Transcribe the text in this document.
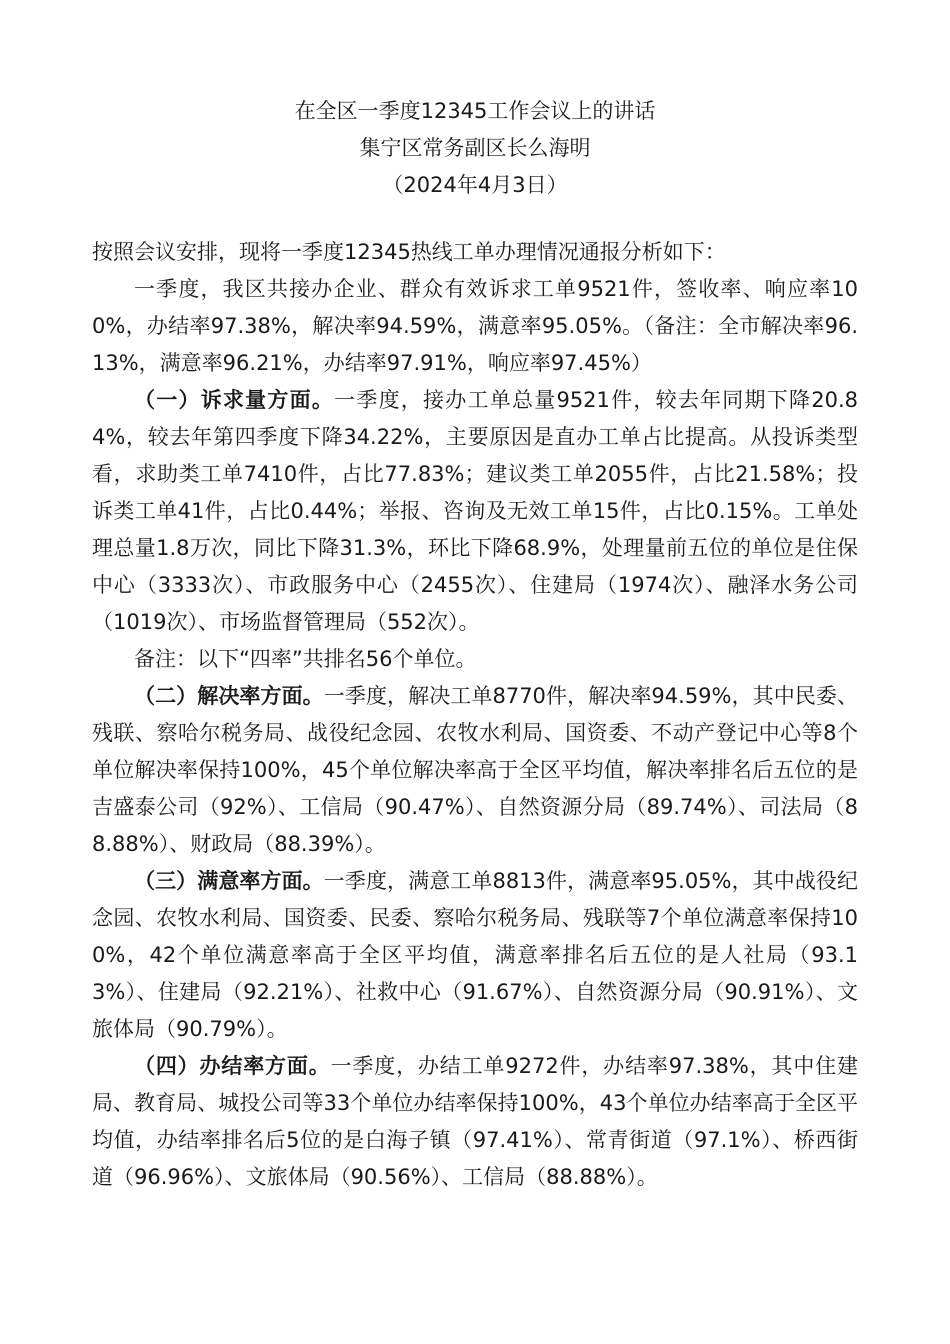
在全区一季度12345工作会议上的讲话
集宁区常务副区长么海明
（2024年4月3日）

按照会议安排，现将一季度12345热线工单办理情况通报分析如下：

一季度，我区共接办企业、群众有效诉求工单9521件，签收率、响应率100%，办结率97.38%，解决率94.59%，满意率95.05%。（备注：全市解决率96.13%，满意率96.21%，办结率97.91%，响应率97.45%）

（一）诉求量方面。一季度，接办工单总量9521件，较去年同期下降20.84%，较去年第四季度下降34.22%，主要原因是直办工单占比提高。从投诉类型看，求助类工单7410件，占比77.83%；建议类工单2055件，占比21.58%；投诉类工单41件，占比0.44%；举报、咨询及无效工单15件，占比0.15%。工单处理总量1.8万次，同比下降31.3%，环比下降68.9%，处理量前五位的单位是住保中心（3333次）、市政服务中心（2455次）、住建局（1974次）、融泽水务公司（1019次）、市场监督管理局（552次）。

备注：以下“四率”共排名56个单位。

（二）解决率方面。一季度，解决工单8770件，解决率94.59%，其中民委、残联、察哈尔税务局、战役纪念园、农牧水利局、国资委、不动产登记中心等8个单位解决率保持100%，45个单位解决率高于全区平均值，解决率排名后五位的是吉盛泰公司（92%）、工信局（90.47%）、自然资源分局（89.74%）、司法局（88.88%）、财政局（88.39%）。

（三）满意率方面。一季度，满意工单8813件，满意率95.05%，其中战役纪念园、农牧水利局、国资委、民委、察哈尔税务局、残联等7个单位满意率保持100%，42个单位满意率高于全区平均值，满意率排名后五位的是人社局（93.13%）、住建局（92.21%）、社救中心（91.67%）、自然资源分局（90.91%）、文旅体局（90.79%）。

（四）办结率方面。一季度，办结工单9272件，办结率97.38%，其中住建局、教育局、城投公司等33个单位办结率保持100%，43个单位办结率高于全区平均值，办结率排名后5位的是白海子镇（97.41%）、常青街道（97.1%）、桥西街道（96.96%）、文旅体局（90.56%）、工信局（88.88%）。
